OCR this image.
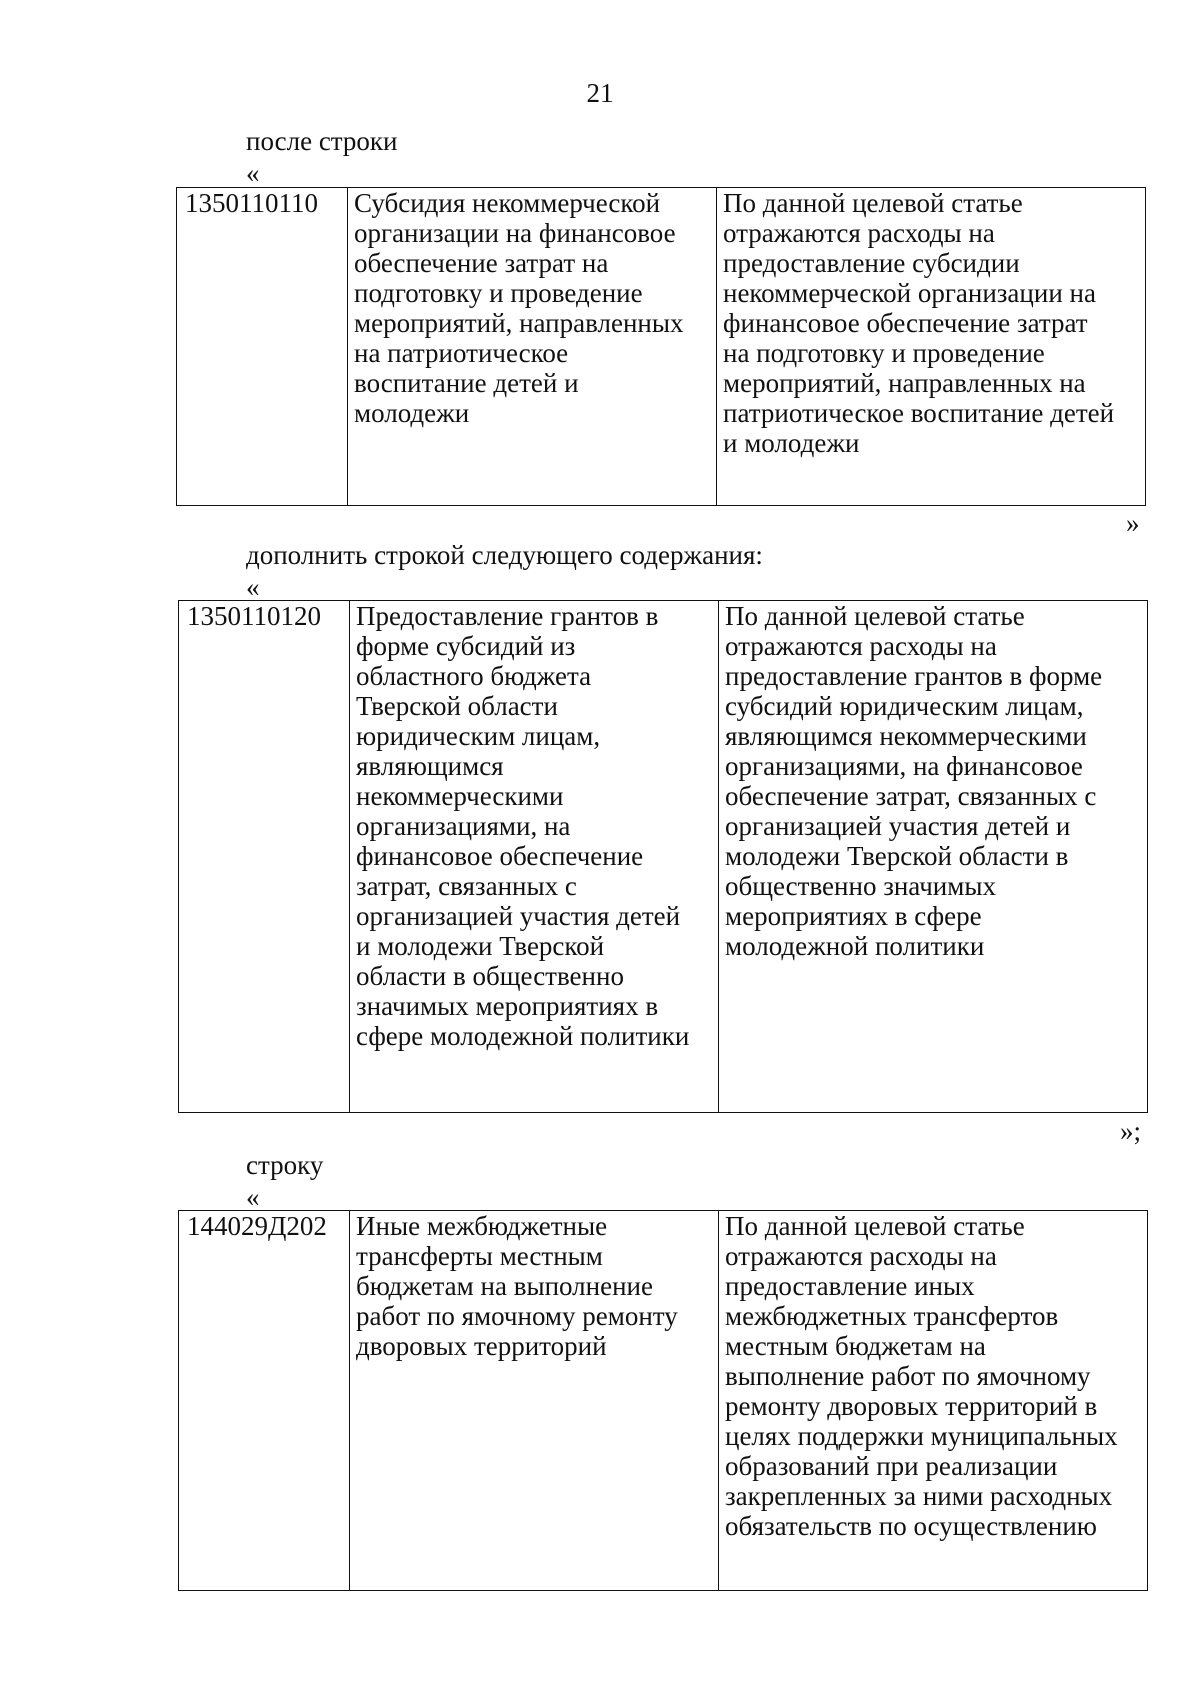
21
после строки
«
1350110110	Субсидия некоммерческой
организации на финансовое
обеспечение затрат на
подготовку и проведение
мероприятий, направленных
на патриотическое
воспитание детей и
молодежи	По данной целевой статье
отражаются расходы на
предоставление субсидии
некоммерческой организации на
финансовое обеспечение затрат
на подготовку и проведение
мероприятий, направленных на
патриотическое воспитание детей
и молодежи
»
дополнить строкой следующего содержания:
«
1350110120	Предоставление грантов в
форме субсидий из
областного бюджета
Тверской области
юридическим лицам,
являющимся
некоммерческими
организациями, на
финансовое обеспечение
затрат, связанных с
организацией участия детей
и молодежи Тверской
области в общественно
значимых мероприятиях в
сфере молодежной политики	По данной целевой статье
отражаются расходы на
предоставление грантов в форме
субсидий юридическим лицам,
являющимся некоммерческими
организациями, на финансовое
обеспечение затрат, связанных с
организацией участия детей и
молодежи Тверской области в
общественно значимых
мероприятиях в сфере
молодежной политики
»;
строку
«
144029Д202	Иные межбюджетные
трансферты местным
бюджетам на выполнение
работ по ямочному ремонту
дворовых территорий	По данной целевой статье
отражаются расходы на
предоставление иных
межбюджетных трансфертов
местным бюджетам на
выполнение работ по ямочному
ремонту дворовых территорий в
целях поддержки муниципальных
образований при реализации
закрепленных за ними расходных
обязательств по осуществлению
